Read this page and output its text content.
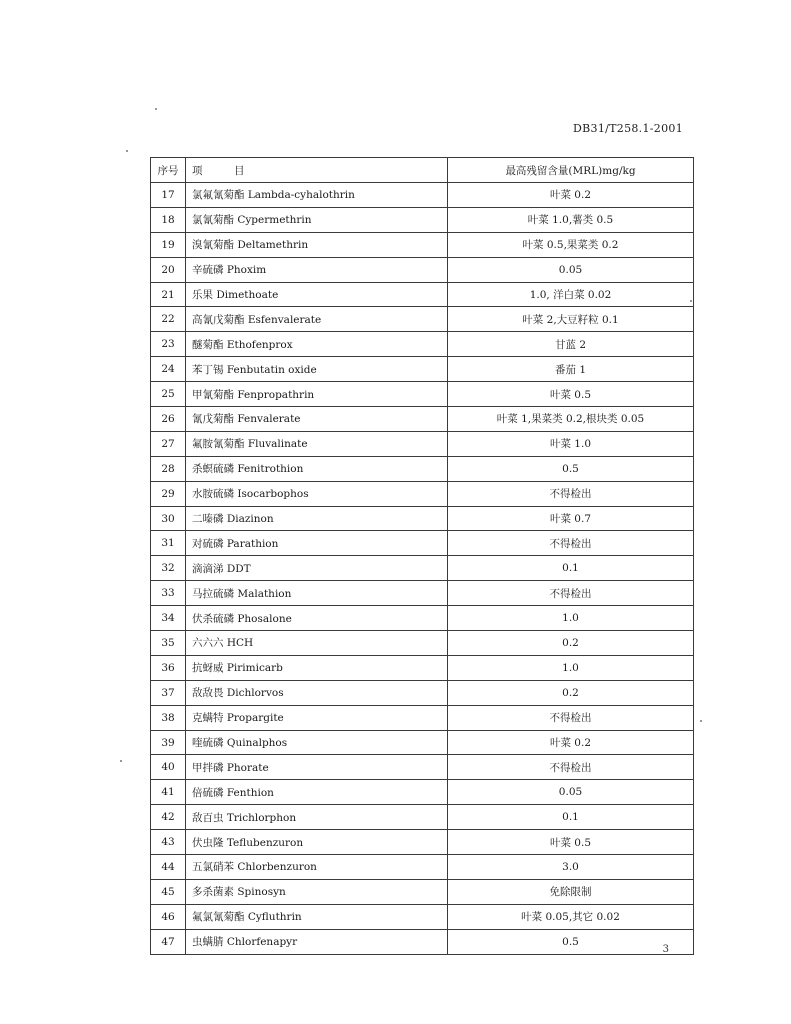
DB31/T258.1-2001
序号	项　　　目	最高残留含量(MRL)mg/kg
17	氯氟氰菊酯 Lambda-cyhalothrin	叶菜 0.2
18	氯氰菊酯 Cypermethrin	叶菜 1.0,薯类 0.5
19	溴氰菊酯 Deltamethrin	叶菜 0.5,果菜类 0.2
20	辛硫磷 Phoxim	0.05
21	乐果 Dimethoate	1.0, 洋白菜 0.02
22	高氰戊菊酯 Esfenvalerate	叶菜 2,大豆籽粒 0.1
23	醚菊酯 Ethofenprox	甘蓝 2
24	苯丁锡 Fenbutatin oxide	番茄 1
25	甲氰菊酯 Fenpropathrin	叶菜 0.5
26	氰戊菊酯 Fenvalerate	叶菜 1,果菜类 0.2,根块类 0.05
27	氟胺氰菊酯 Fluvalinate	叶菜 1.0
28	杀螟硫磷 Fenitrothion	0.5
29	水胺硫磷 Isocarbophos	不得检出
30	二嗪磷 Diazinon	叶菜 0.7
31	对硫磷 Parathion	不得检出
32	滴滴涕 DDT	0.1
33	马拉硫磷 Malathion	不得检出
34	伏杀硫磷 Phosalone	1.0
35	六六六 HCH	0.2
36	抗蚜威 Pirimicarb	1.0
37	敌敌畏 Dichlorvos	0.2
38	克螨特 Propargite	不得检出
39	喹硫磷 Quinalphos	叶菜 0.2
40	甲拌磷 Phorate	不得检出
41	倍硫磷 Fenthion	0.05
42	敌百虫 Trichlorphon	0.1
43	伏虫隆 Teflubenzuron	叶菜 0.5
44	五氯硝苯 Chlorbenzuron	3.0
45	多杀菌素 Spinosyn	免除限制
46	氟氯氰菊酯 Cyfluthrin	叶菜 0.05,其它 0.02
47	虫螨腈 Chlorfenapyr	0.5
3
